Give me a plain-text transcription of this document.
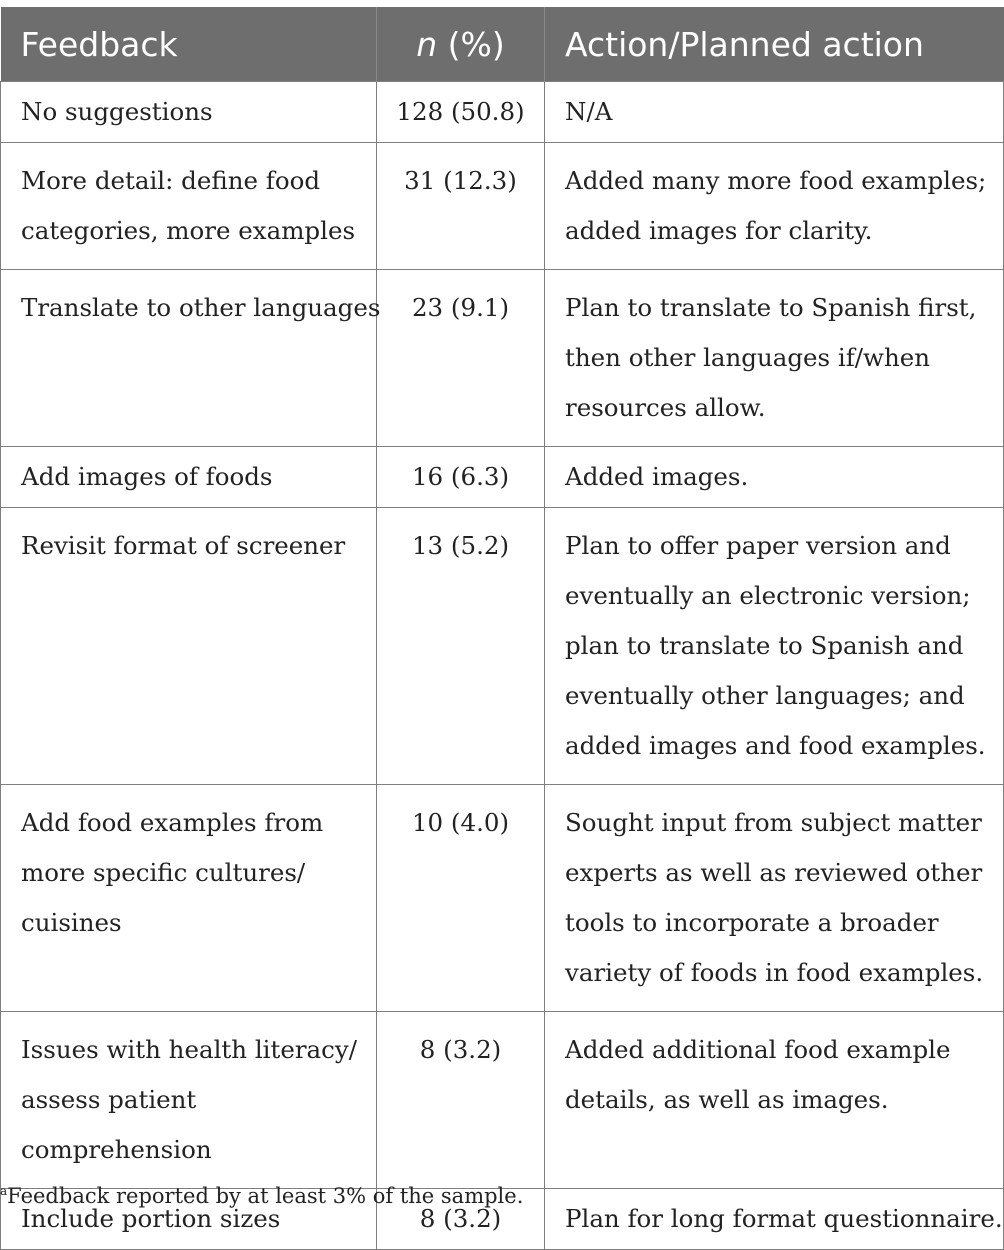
Feedback	n (%)	Action/Planned action

No suggestions	128 (50.8)	N/A

More detail: define food
categories, more examples	31 (12.3)	Added many more food examples;
added images for clarity.

Translate to other languages	23 (9.1)	Plan to translate to Spanish first,
then other languages if/when
resources allow.

Add images of foods	16 (6.3)	Added images.

Revisit format of screener	13 (5.2)	Plan to offer paper version and
eventually an electronic version;
plan to translate to Spanish and
eventually other languages; and
added images and food examples.

Add food examples from
more specific cultures/
cuisines	10 (4.0)	Sought input from subject matter
experts as well as reviewed other
tools to incorporate a broader
variety of foods in food examples.

Issues with health literacy/
assess patient
comprehension	8 (3.2)	Added additional food example
details, as well as images.

Include portion sizes	8 (3.2)	Plan for long format questionnaire.
$^a$Feedback reported by at least 3% of the sample.
